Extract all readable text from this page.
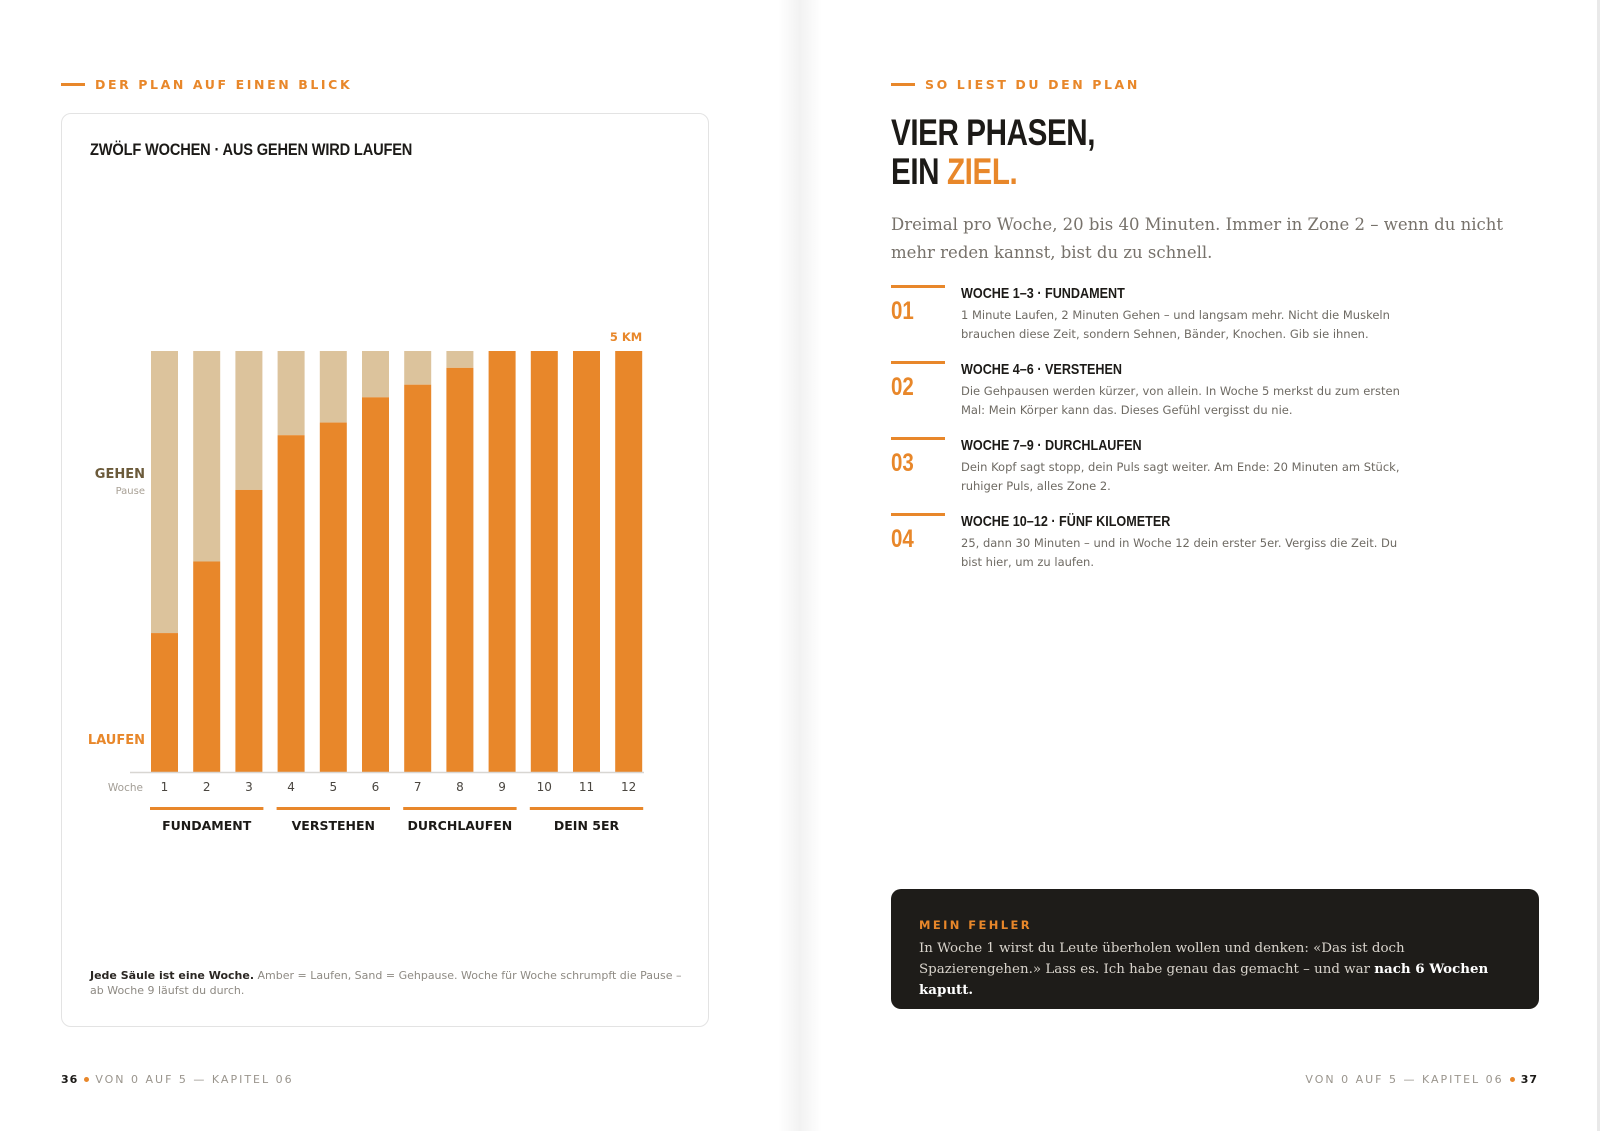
DER PLAN AUF EINEN BLICK
ZWÖLF WOCHEN · AUS GEHEN WIRD LAUFEN
1	2	3	4	5	6	7	8	9	10 11 12
Woche
GEHEN
Pause
LAUFEN
5 KM
FUNDAMENT	VERSTEHEN	DURCHLAUFEN	DEIN 5ER
Jede Säule ist eine Woche. Amber = Laufen, Sand = Gehpause. Woche für Woche schrumpft die Pause – ab Woche 9 läufst du durch.
36 VON 0 AUF 5 — KAPITEL 06
SO LIEST DU DEN PLAN
VIER PHASEN,
EIN ZIEL.
Dreimal pro Woche, 20 bis 40 Minuten. Immer in Zone 2 – wenn du nicht mehr reden kannst, bist du zu schnell.
01
WOCHE 1–3 · FUNDAMENT
1 Minute Laufen, 2 Minuten Gehen – und langsam mehr. Nicht die Muskeln brauchen diese Zeit, sondern Sehnen, Bänder, Knochen. Gib sie ihnen.
02
WOCHE 4–6 · VERSTEHEN
Die Gehpausen werden kürzer, von allein. In Woche 5 merkst du zum ersten Mal: Mein Körper kann das. Dieses Gefühl vergisst du nie.
03
WOCHE 7–9 · DURCHLAUFEN
Dein Kopf sagt stopp, dein Puls sagt weiter. Am Ende: 20 Minuten am Stück, ruhiger Puls, alles Zone 2.
04
WOCHE 10–12 · FÜNF KILOMETER
25, dann 30 Minuten – und in Woche 12 dein erster 5er. Vergiss die Zeit. Du bist hier, um zu laufen.
MEIN FEHLER
In Woche 1 wirst du Leute überholen wollen und denken: «Das ist doch Spazierengehen.» Lass es. Ich habe genau das gemacht – und war nach 6 Wochen kaputt.
VON 0 AUF 5 — KAPITEL 06 37
